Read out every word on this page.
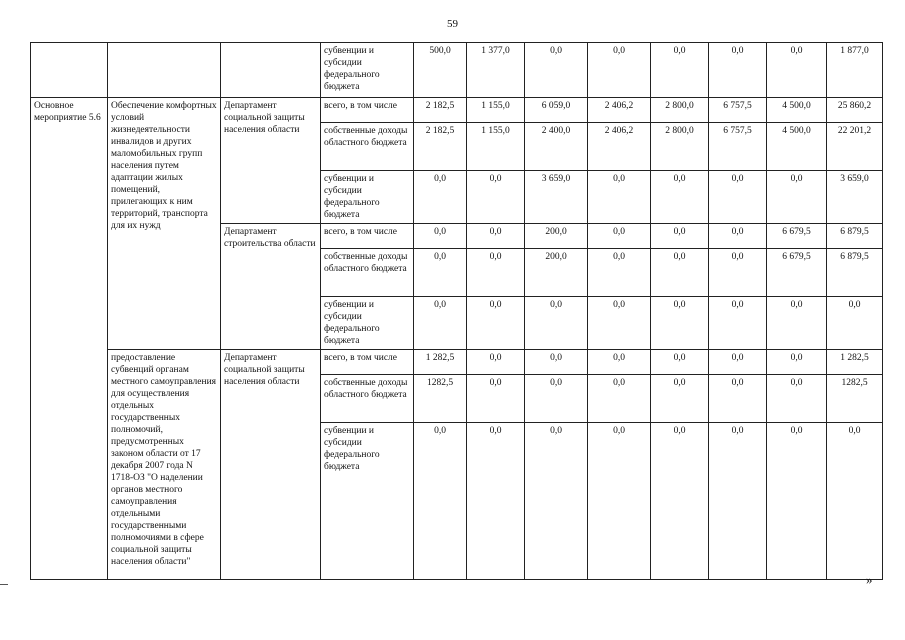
59
			субвенции и субсидии федерального бюджета	500,0	1 377,0	0,0	0,0	0,0	0,0	0,0	1 877,0
Основное мероприятие 5.6	Обеспечение комфортных условий жизнедеятельности инвалидов и других маломобильных групп населения путем адаптации жилых помещений, прилегающих к ним территорий, транспорта для их нужд	Департамент социальной защиты населения области	всего, в том числе	2 182,5	1 155,0	6 059,0	2 406,2	2 800,0	6 757,5	4 500,0	25 860,2
			собственные доходы областного бюджета	2 182,5	1 155,0	2 400,0	2 406,2	2 800,0	6 757,5	4 500,0	22 201,2
			субвенции и субсидии федерального бюджета	0,0	0,0	3 659,0	0,0	0,0	0,0	0,0	3 659,0
		Департамент строительства области	всего, в том числе	0,0	0,0	200,0	0,0	0,0	0,0	6 679,5	6 879,5
			собственные доходы областного бюджета	0,0	0,0	200,0	0,0	0,0	0,0	6 679,5	6 879,5
			субвенции и субсидии федерального бюджета	0,0	0,0	0,0	0,0	0,0	0,0	0,0	0,0
	предоставление субвенций органам местного самоуправления для осуществления отдельных государственных полномочий, предусмотренных законом области от 17 декабря 2007 года N 1718-ОЗ "О наделении органов местного самоуправления отдельными государственными полномочиями в сфере социальной защиты населения области"	Департамент социальной защиты населения области	всего, в том числе	1 282,5	0,0	0,0	0,0	0,0	0,0	0,0	1 282,5
			собственные доходы областного бюджета	1282,5	0,0	0,0	0,0	0,0	0,0	0,0	1282,5
			субвенции и субсидии федерального бюджета	0,0	0,0	0,0	0,0	0,0	0,0	0,0	0,0
»
